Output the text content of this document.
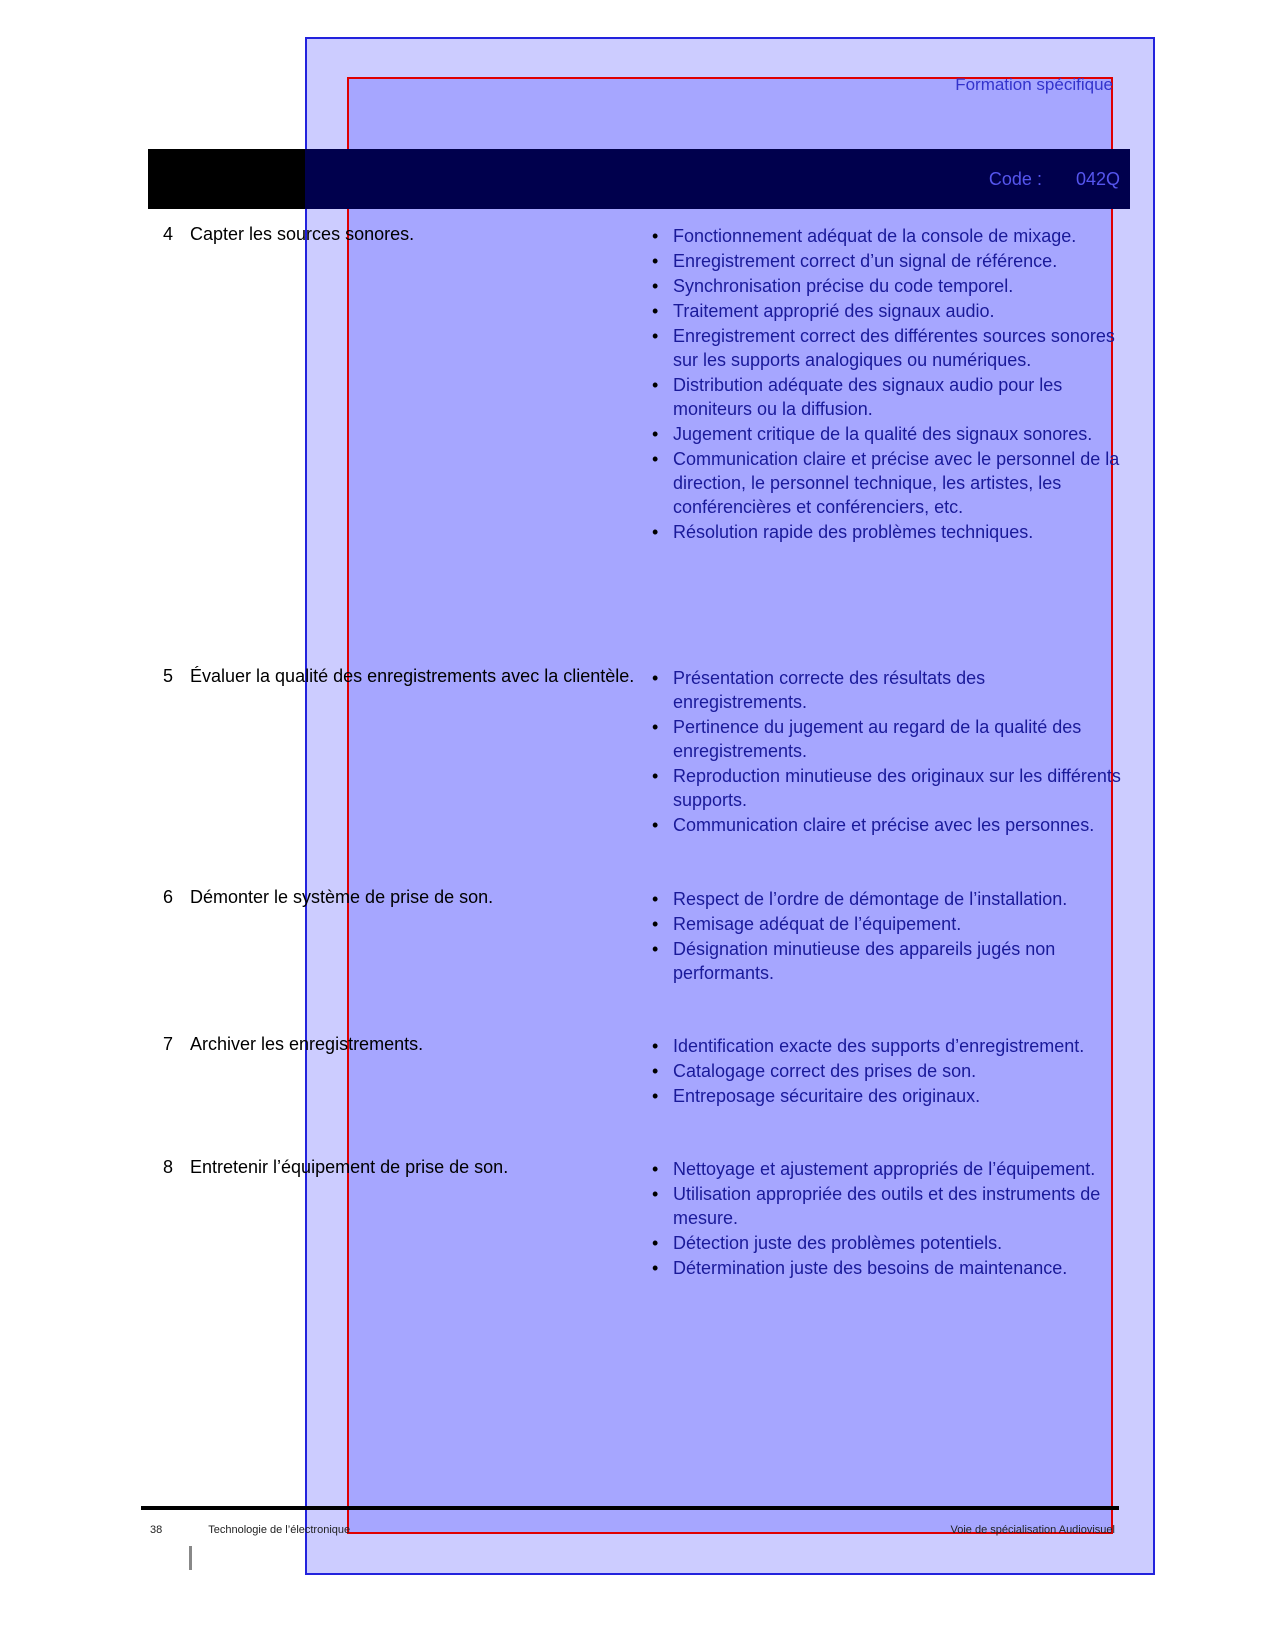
Formation spécifique
Code : 042Q
4 Capter les sources sonores.	• Fonctionnement adéquat de la console de mixage.
• Enregistrement correct d’un signal de référence.
• Synchronisation précise du code temporel.
• Traitement approprié des signaux audio.
• Enregistrement correct des différentes sources sonores sur les supports analogiques ou numériques.
• Distribution adéquate des signaux audio pour les moniteurs ou la diffusion.
• Jugement critique de la qualité des signaux sonores.
• Communication claire et précise avec le personnel de la direction, le personnel technique, les artistes, les conférencières et conférenciers, etc.
• Résolution rapide des problèmes techniques.
5 Évaluer la qualité des enregistrements avec la clientèle.	• Présentation correcte des résultats des enregistrements.
• Pertinence du jugement au regard de la qualité des enregistrements.
• Reproduction minutieuse des originaux sur les différents supports.
• Communication claire et précise avec les personnes.
6 Démonter le système de prise de son.	• Respect de l’ordre de démontage de l’installation.
• Remisage adéquat de l’équipement.
• Désignation minutieuse des appareils jugés non performants.
7 Archiver les enregistrements.	• Identification exacte des supports d’enregistrement.
• Catalogage correct des prises de son.
• Entreposage sécuritaire des originaux.
8 Entretenir l’équipement de prise de son.	• Nettoyage et ajustement appropriés de l’équipement.
• Utilisation appropriée des outils et des instruments de mesure.
• Détection juste des problèmes potentiels.
• Détermination juste des besoins de maintenance.
38	Technologie de l’électronique	Voie de spécialisation Audiovisuel
